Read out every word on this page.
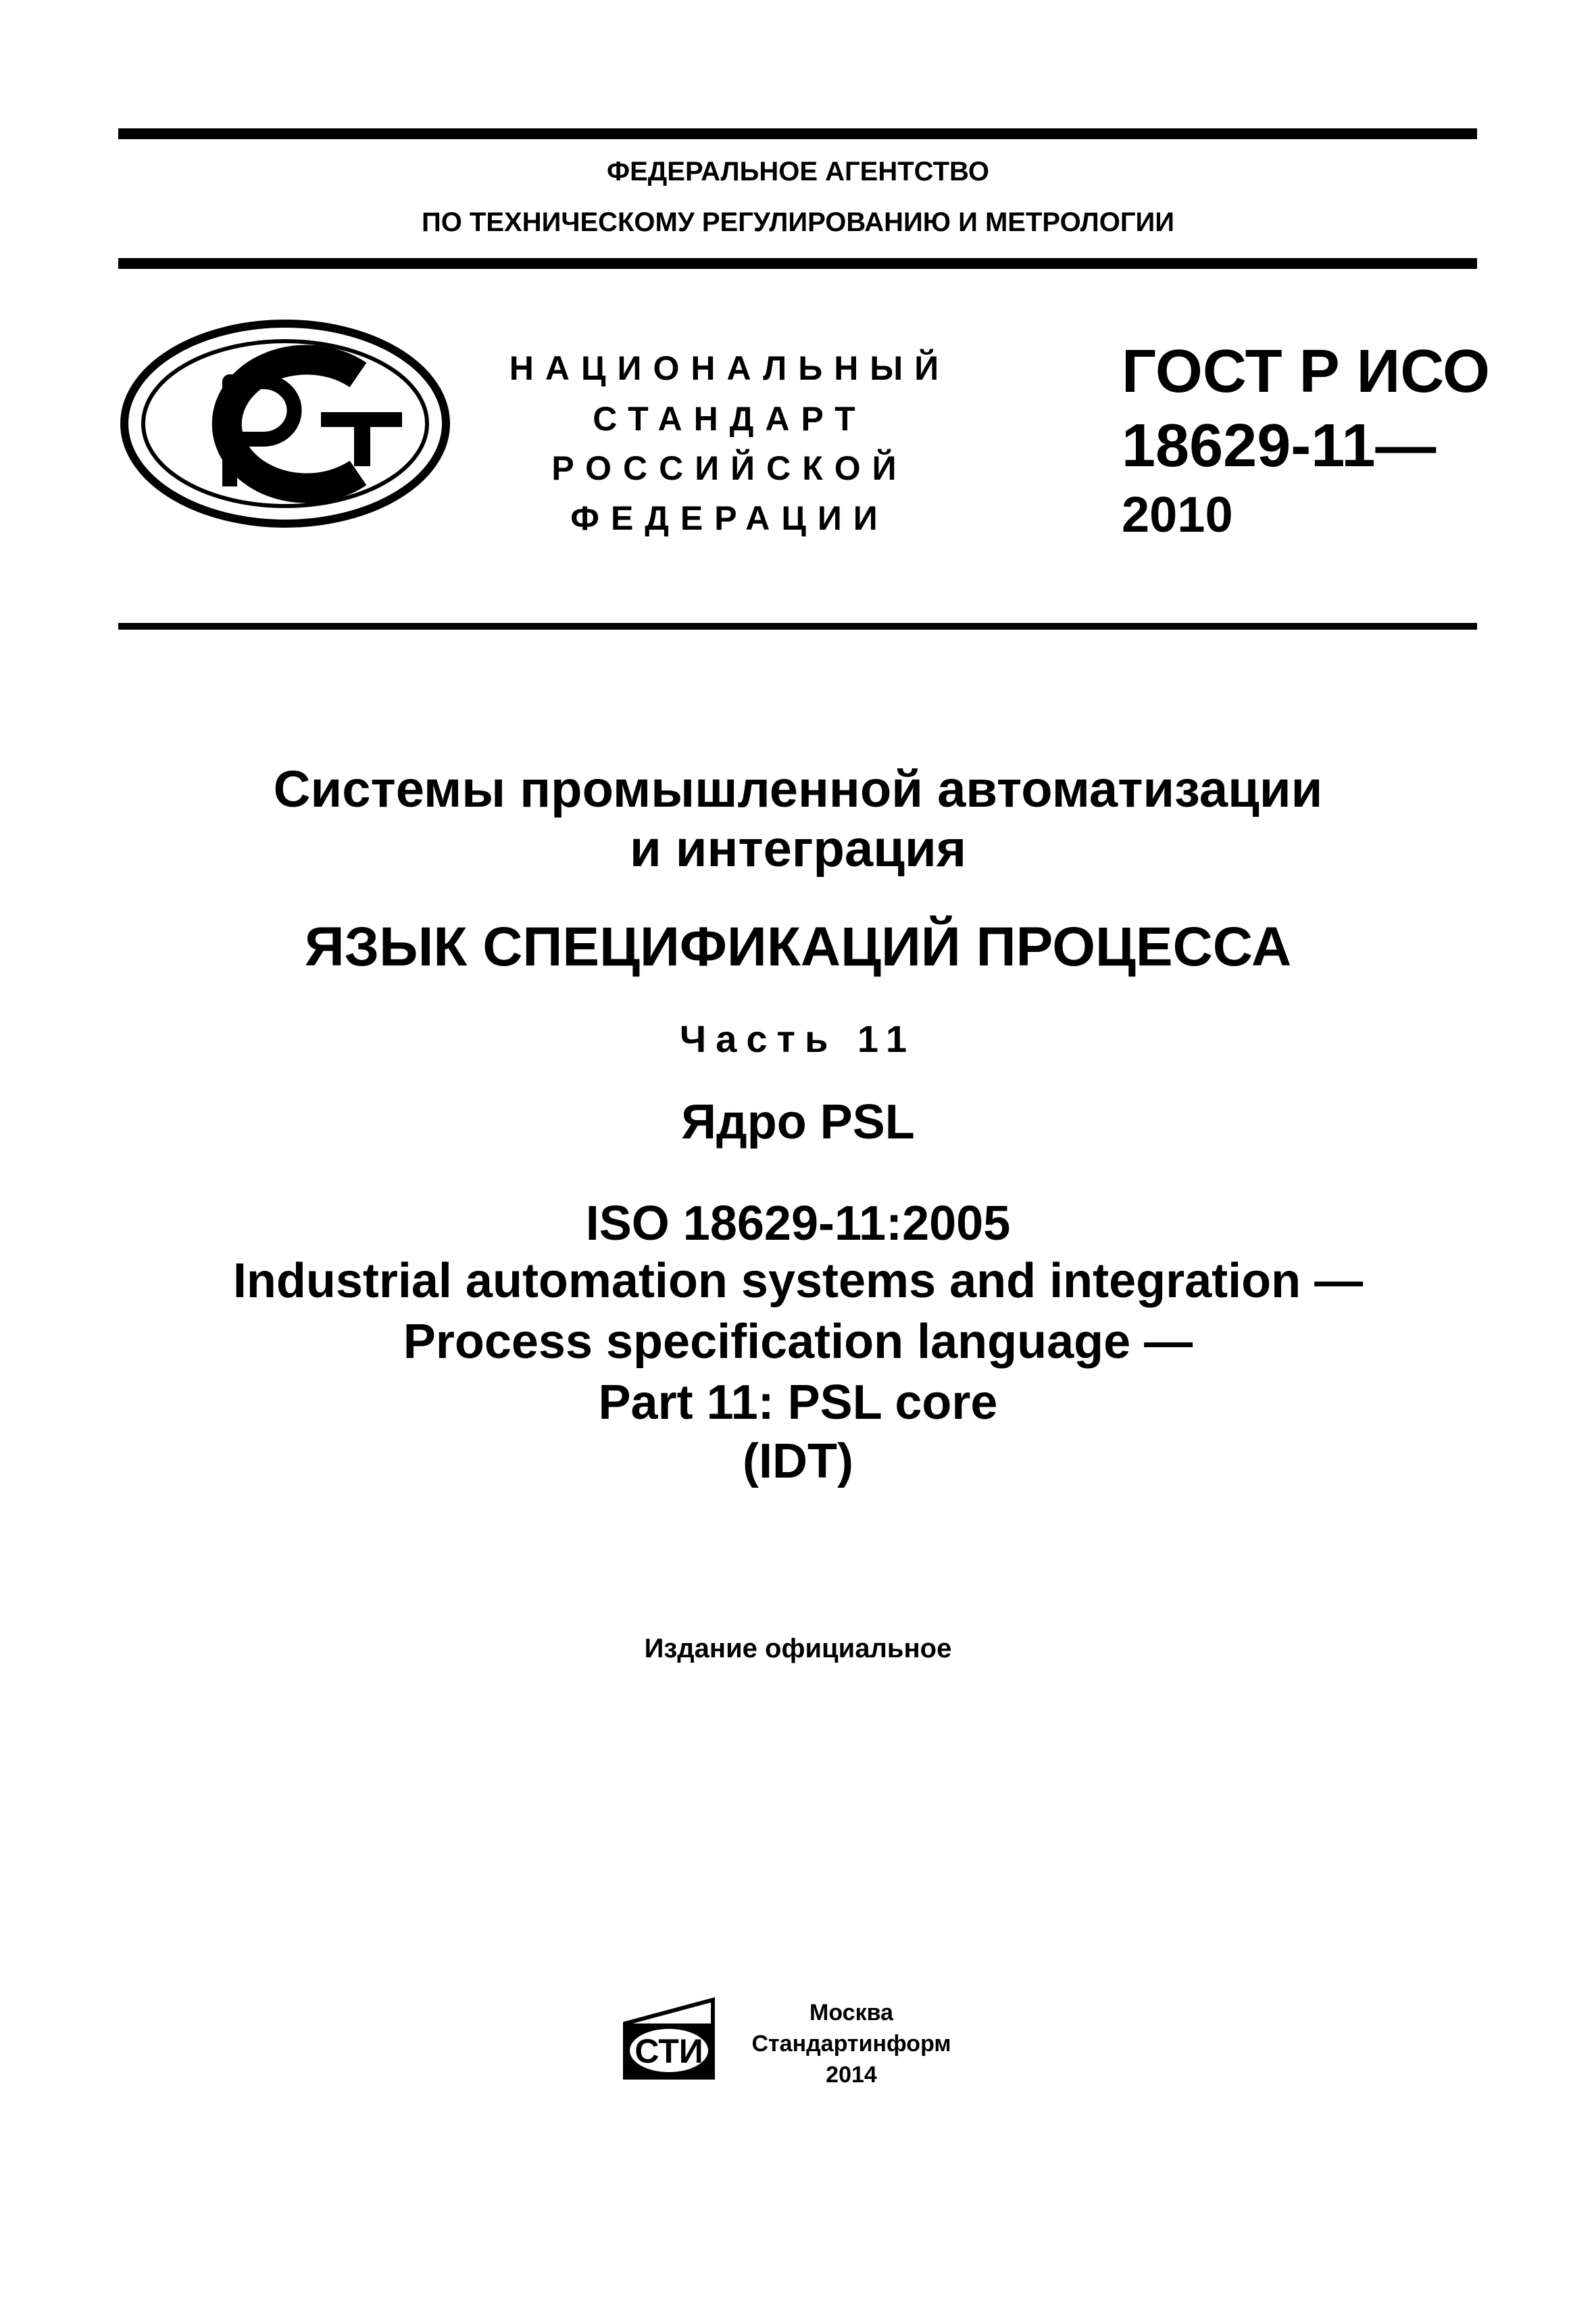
ФЕДЕРАЛЬНОЕ АГЕНТСТВО
ПО ТЕХНИЧЕСКОМУ РЕГУЛИРОВАНИЮ И МЕТРОЛОГИИ
НАЦИОНАЛЬНЫЙ
СТАНДАРТ
РОССИЙСКОЙ
ФЕДЕРАЦИИ
ГОСТ Р ИСО
18629-11—
2010
Системы промышленной автоматизации
и интеграция
ЯЗЫК СПЕЦИФИКАЦИЙ ПРОЦЕССА
Часть 11
Ядро PSL
ISO 18629-11:2005
Industrial automation systems and integration —
Process specification language —
Part 11: PSL core
(IDT)
Издание официальное
СТИ
Москва
Стандартинформ
2014
